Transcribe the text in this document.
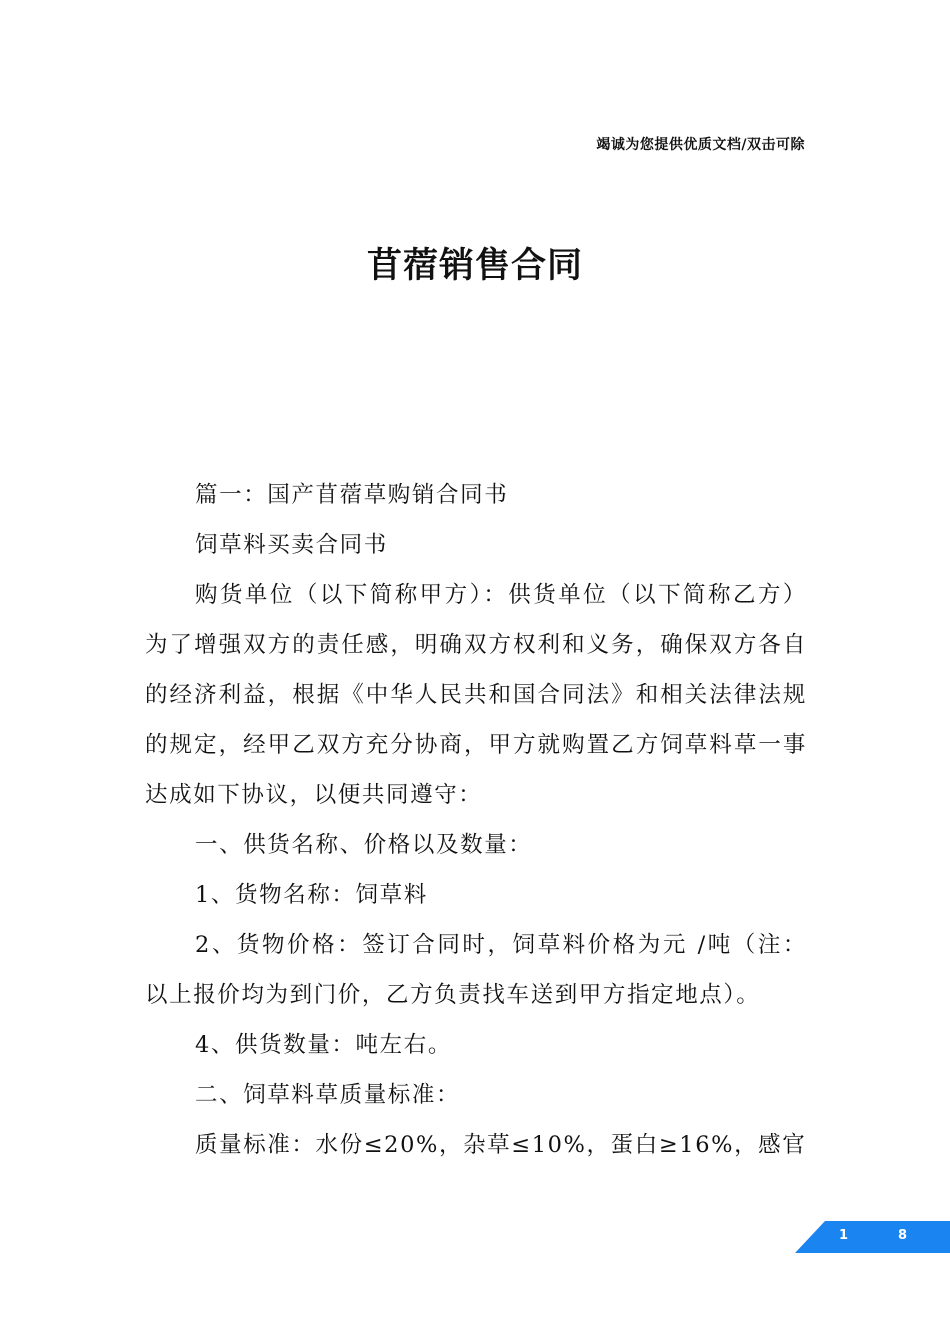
竭诚为您提供优质文档/双击可除
苜蓿销售合同

篇一：国产苜蓿草购销合同书

饲草料买卖合同书

购货单位（以下简称甲方）：供货单位（以下简称乙方）为了增强双方的责任感，明确双方权利和义务，确保双方各自的经济利益，根据《中华人民共和国合同法》和相关法律法规的规定，经甲乙双方充分协商，甲方就购置乙方饲草料草一事达成如下协议，以便共同遵守：

一、供货名称、价格以及数量：

1、货物名称：饲草料

2、货物价格：签订合同时，饲草料价格为元 /吨（注：以上报价均为到门价，乙方负责找车送到甲方指定地点）。

4、供货数量：吨左右。

二、饲草料草质量标准：

质量标准：水份≤20%，杂草≤10%，蛋白≥16%，感官

1	8
